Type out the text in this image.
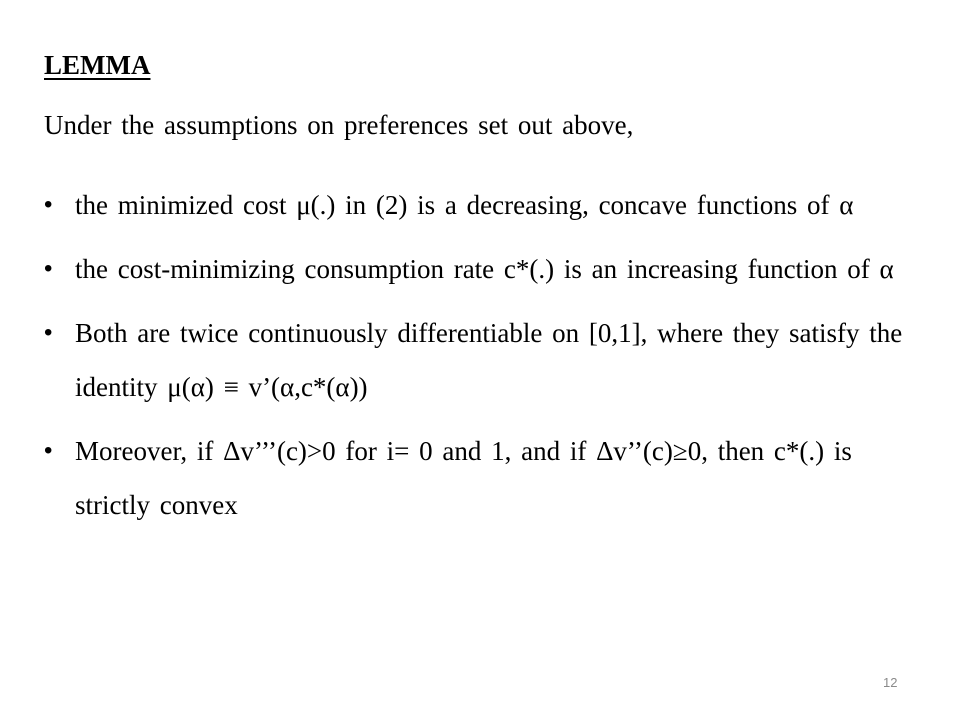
LEMMA

Under the assumptions on preferences set out above,

• the minimized cost μ(.) in (2) is a decreasing, concave functions of α
• the cost-minimizing consumption rate c*(.) is an increasing function of α
• Both are twice continuously differentiable on [0,1], where they satisfy the identity μ(α) ≡ v’(α,c*(α))
• Moreover, if Δv’’’(c)>0 for i= 0 and 1, and if Δv’’(c)≥0, then c*(.) is strictly convex
12
